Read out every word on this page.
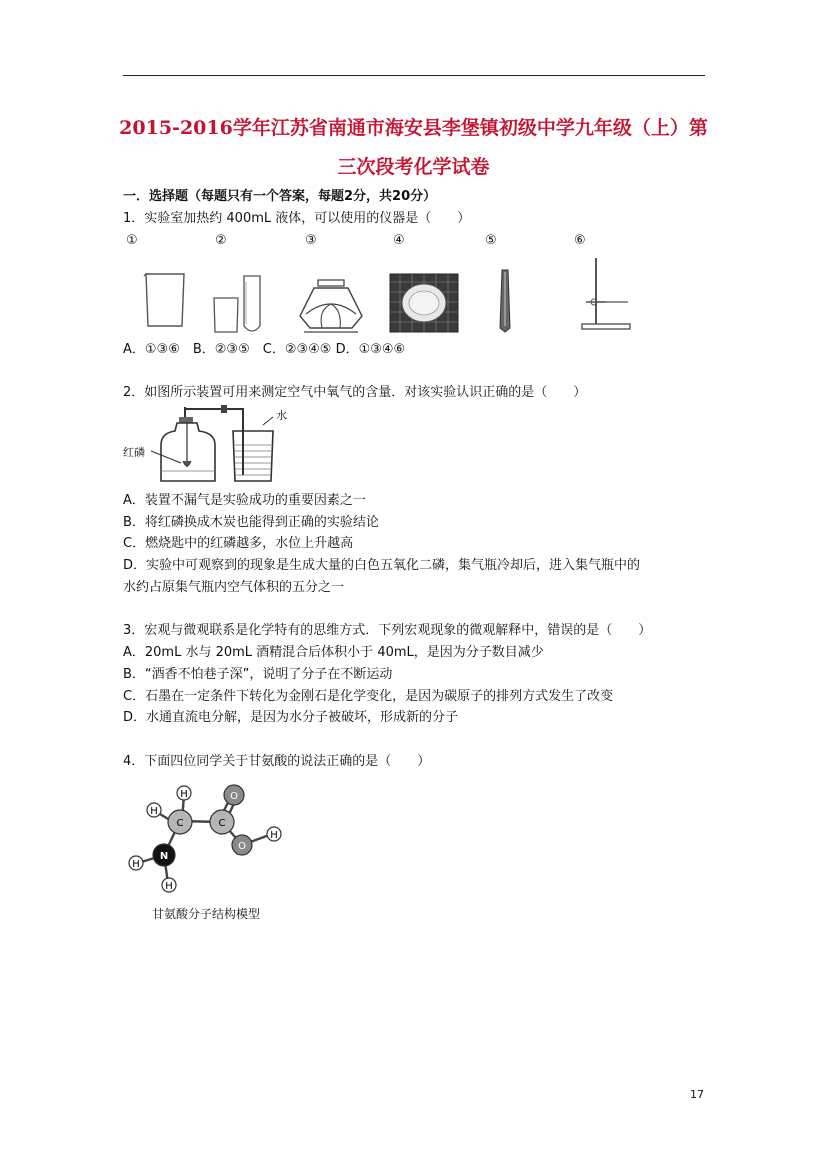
2015-2016学年江苏省南通市海安县李堡镇初级中学九年级（上）第
三次段考化学试卷
一．选择题（每题只有一个答案，每题2分，共20分）
1．实验室加热约 400mL 液体，可以使用的仪器是（　　）
①	②	③	④	⑤	⑥
A．①③⑥　B．②③⑤　C．②③④⑤ D．①③④⑥
2．如图所示装置可用来测定空气中氧气的含量．对该实验认识正确的是（　　）
红磷
水
A．装置不漏气是实验成功的重要因素之一
B．将红磷换成木炭也能得到正确的实验结论
C．燃烧匙中的红磷越多，水位上升越高
D．实验中可观察到的现象是生成大量的白色五氧化二磷，集气瓶冷却后，进入集气瓶中的
水约占原集气瓶内空气体积的五分之一
3．宏观与微观联系是化学特有的思维方式．下列宏观现象的微观解释中，错误的是（　　）
A．20mL 水与 20mL 酒精混合后体积小于 40mL，是因为分子数目减少
B．“酒香不怕巷子深”，说明了分子在不断运动
C．石墨在一定条件下转化为金刚石是化学变化，是因为碳原子的排列方式发生了改变
D．水通直流电分解，是因为水分子被破坏，形成新的分子
4．下面四位同学关于甘氨酸的说法正确的是（　　）
H
H
C	C
O
O
H
N
H
H
甘氨酸分子结构模型
17
